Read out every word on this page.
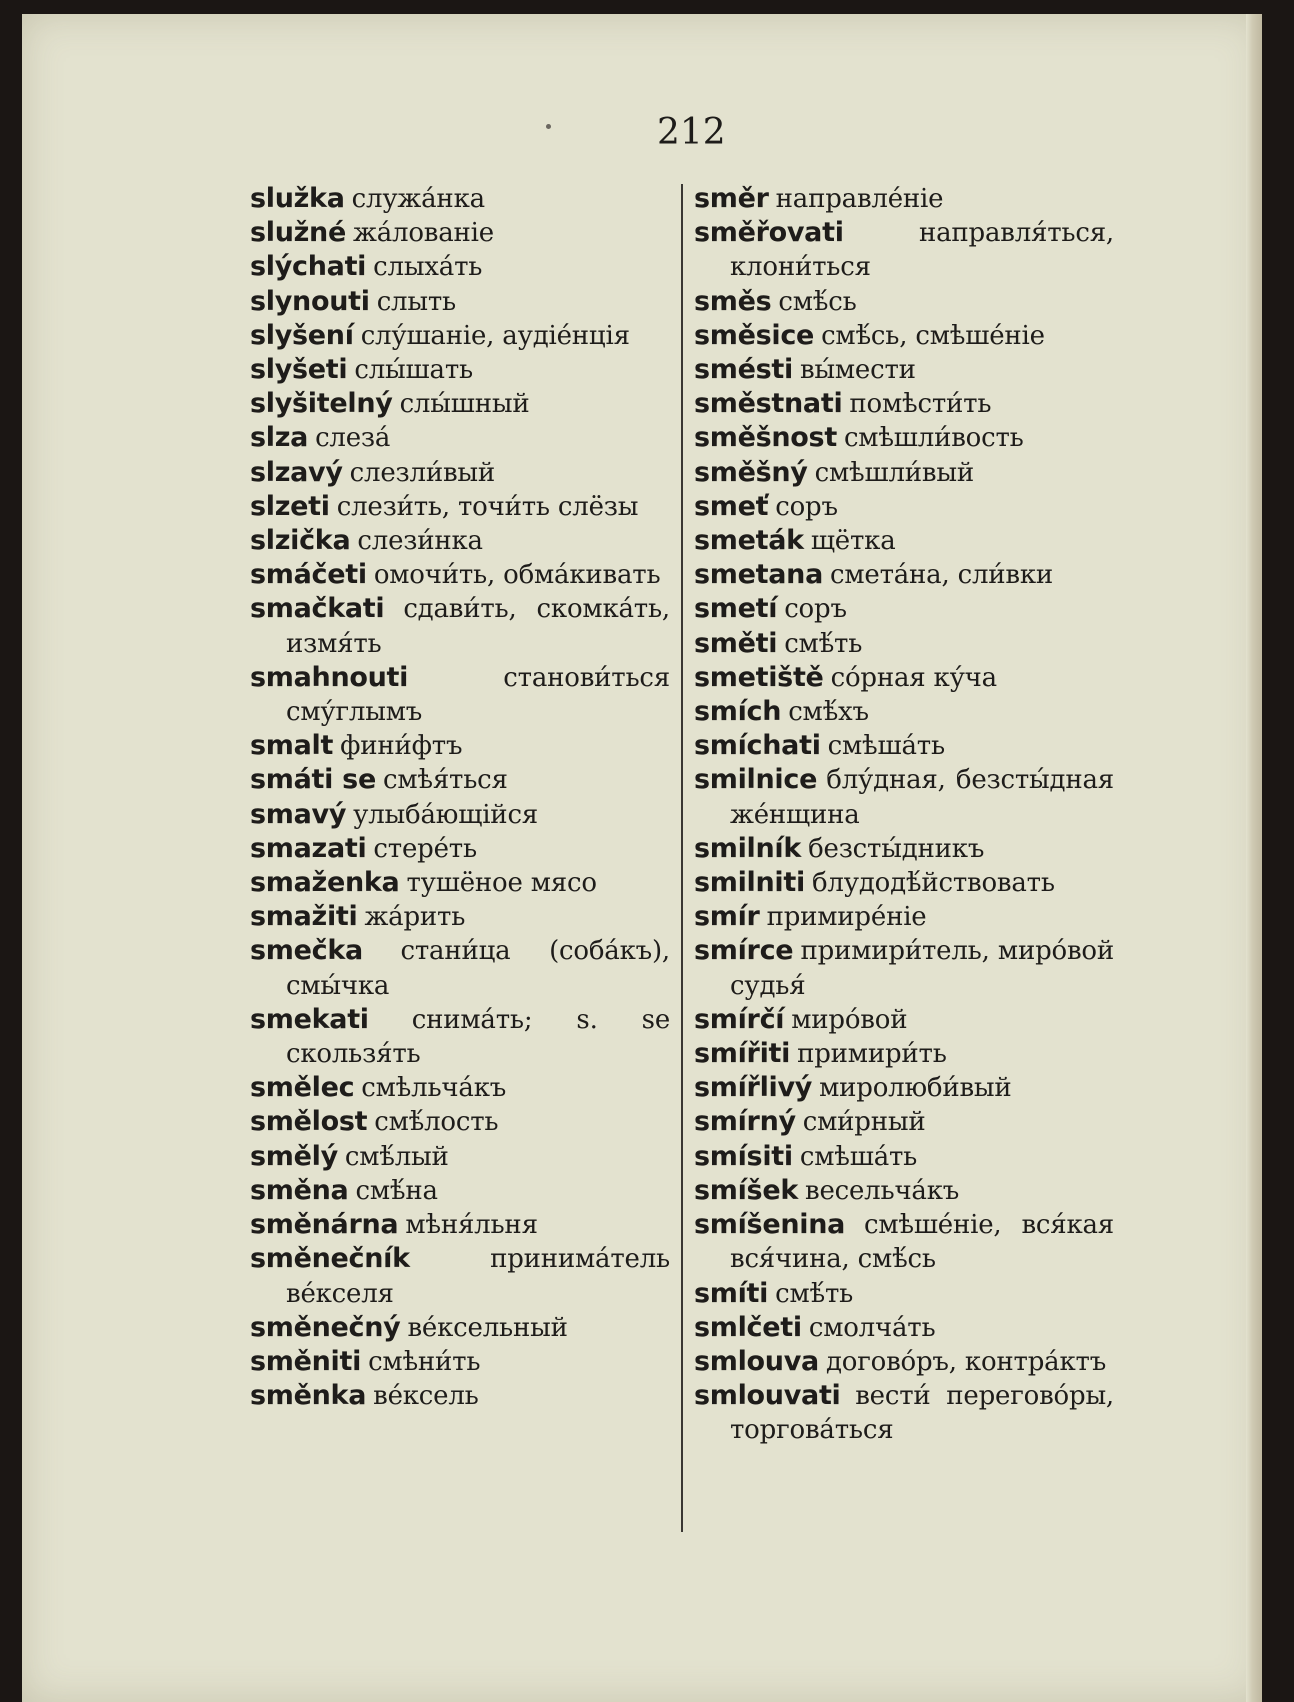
212
služka служа́нка
služné жа́лованіе
slýchati слыха́ть
slynouti слыть
slyšení слу́шаніе, аудіе́нція
slyšeti слы́шать
slyšitelný слы́шный
slza слеза́
slzavý слезли́вый
slzeti слези́ть, точи́ть слёзы
slzička слези́нка
smáčeti омочи́ть, обма́кивать
smačkati сдави́ть, скомка́ть, измя́ть
smahnouti	станови́ться сму́глымъ
smalt фини́фтъ
smáti se смѣя́ться
smavý улыба́ющійся
smazati стере́ть
smaženka тушёное мясо
smažiti жа́рить
smečka стани́ца (соба́къ), смы́чка
smekati снима́ть; s. se скользя́ть
smělec смѣльча́къ
smělost смѣ́лость
smělý смѣ́лый
směna смѣ́на
směnárna мѣня́льня
směnečník	принима́тель ве́кселя
směnečný ве́ксельный
směniti смѣни́ть
směnka ве́ксель
směr направле́ніе
směřovati	направля́ться, клони́ться
směs смѣ́сь
směsice смѣ́сь, смѣше́ніе
smésti вы́мести
směstnati помѣсти́ть
směšnost смѣшли́вость
směšný смѣшли́вый
smeť соръ
smeták щётка
smetana смета́на, сли́вки
smetí соръ
směti смѣ́ть
smetiště со́рная ку́ча
smích смѣ́хъ
smíchati смѣша́ть
smilnice блу́дная, безсты́дная же́нщина
smilník безсты́дникъ
smilniti блудодѣ́йствовать
smír примире́ніе
smírce примири́тель, миро́вой судья́
smírčí миро́вой
smířiti примири́ть
smířlivý миролюби́вый
smírný сми́рный
smísiti смѣша́ть
smíšek весельча́къ
smíšenina смѣше́ніе, вся́кая вся́чина, смѣ́сь
smíti смѣ́ть
smlčeti смолча́ть
smlouva догово́ръ, контра́ктъ
smlouvati вести́ перегово́ры, торгова́ться
